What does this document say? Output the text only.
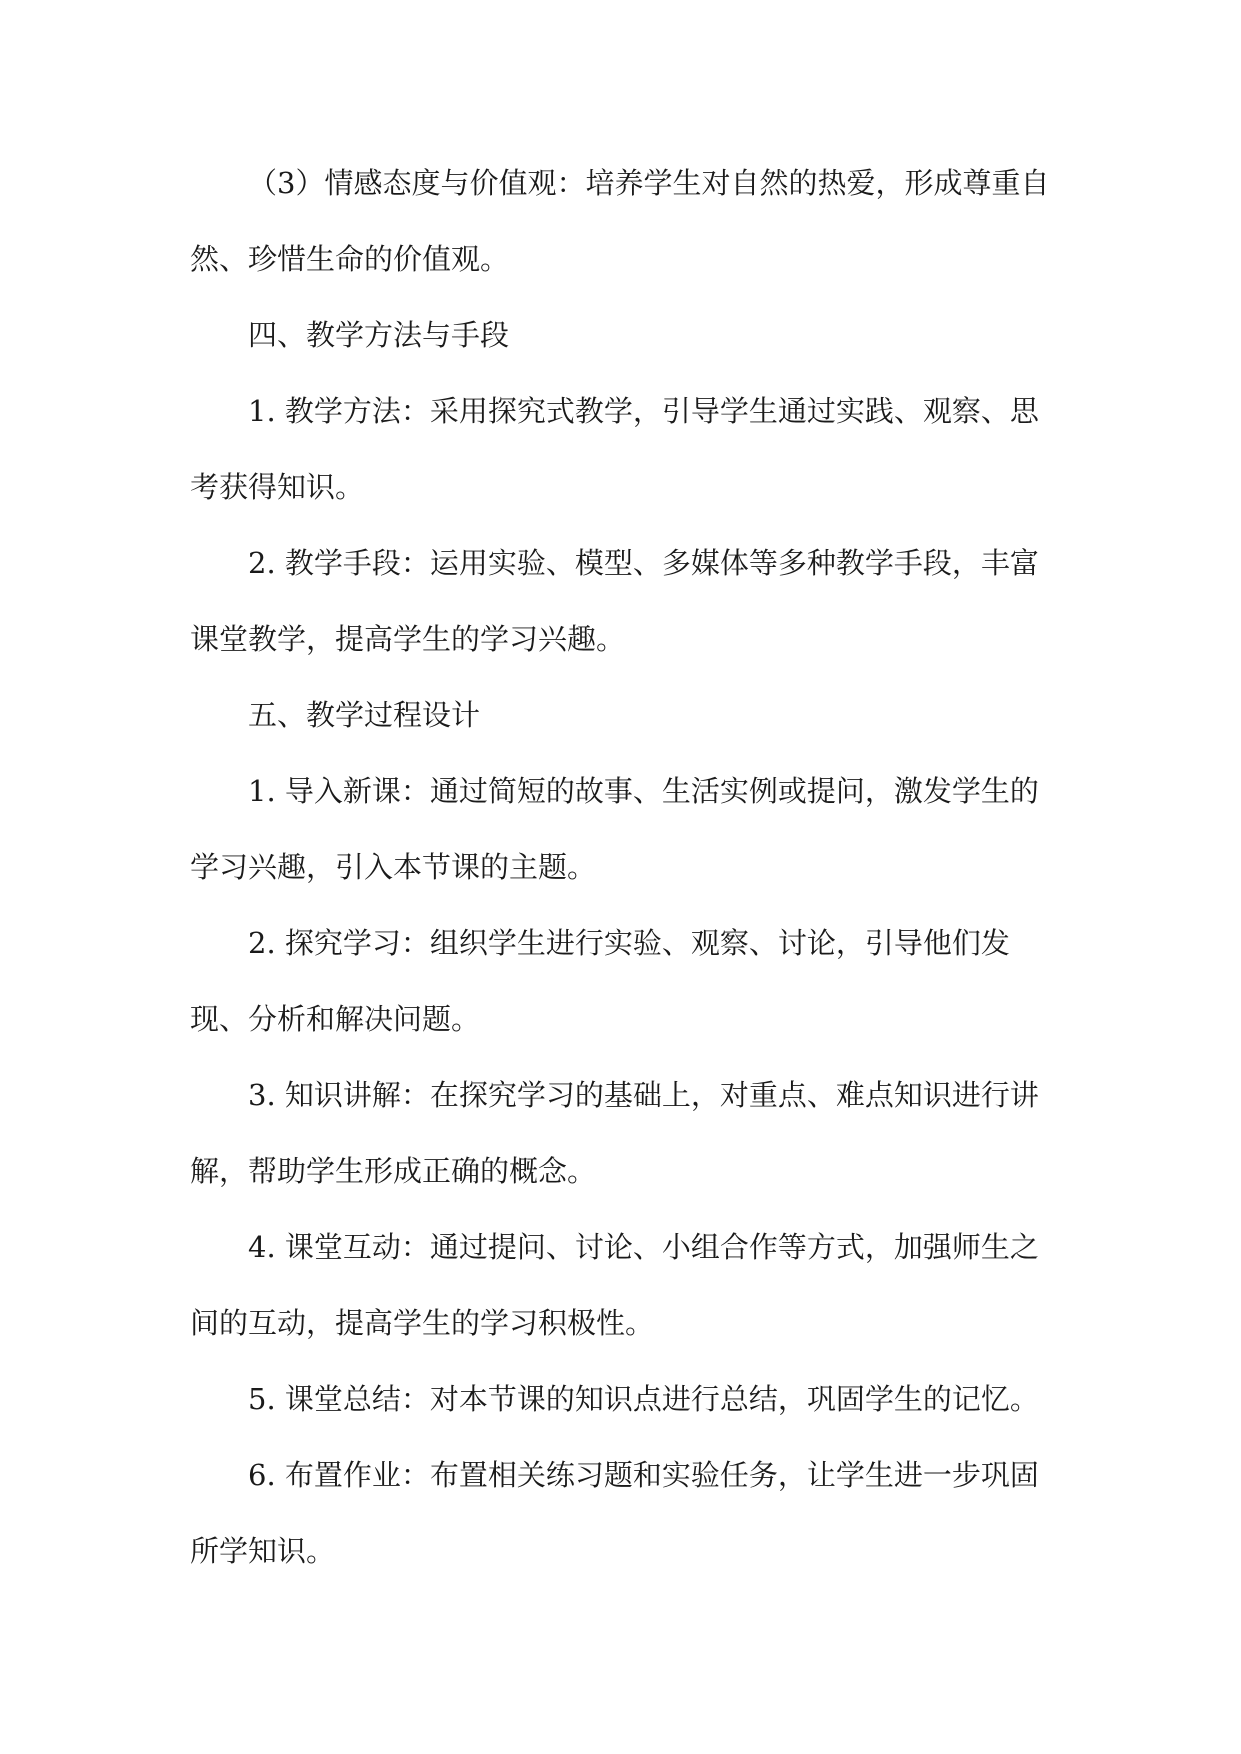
（3）情感态度与价值观：培养学生对自然的热爱，形成尊重自然、珍惜生命的价值观。

四、教学方法与手段

1. 教学方法：采用探究式教学，引导学生通过实践、观察、思考获得知识。

2. 教学手段：运用实验、模型、多媒体等多种教学手段，丰富课堂教学，提高学生的学习兴趣。

五、教学过程设计

1. 导入新课：通过简短的故事、生活实例或提问，激发学生的学习兴趣，引入本节课的主题。

2. 探究学习：组织学生进行实验、观察、讨论，引导他们发现、分析和解决问题。

3. 知识讲解：在探究学习的基础上，对重点、难点知识进行讲解，帮助学生形成正确的概念。

4. 课堂互动：通过提问、讨论、小组合作等方式，加强师生之间的互动，提高学生的学习积极性。

5. 课堂总结：对本节课的知识点进行总结，巩固学生的记忆。

6. 布置作业：布置相关练习题和实验任务，让学生进一步巩固所学知识。
